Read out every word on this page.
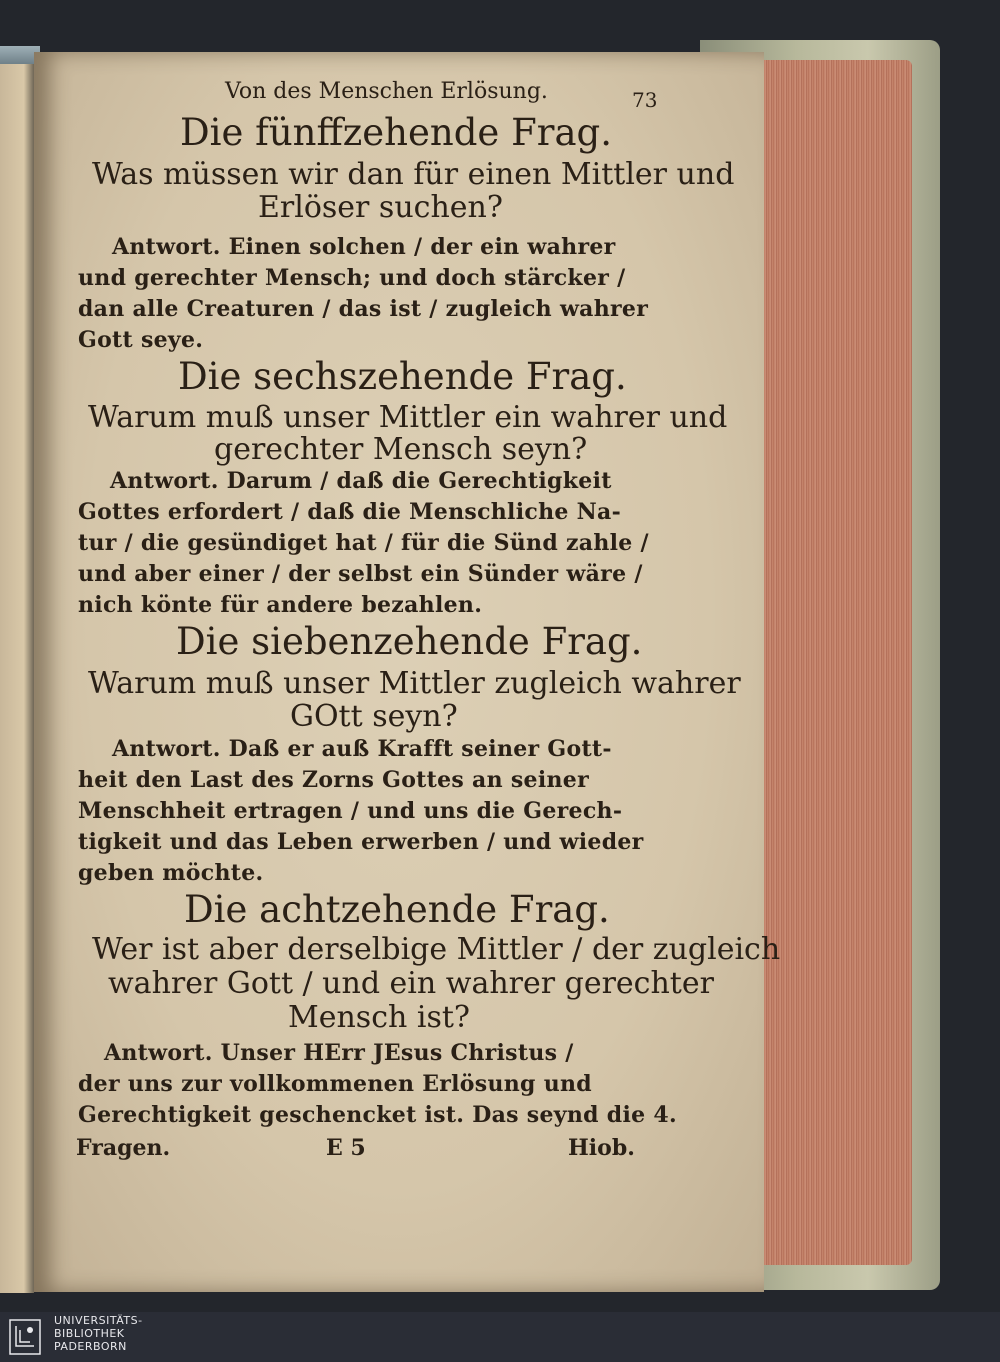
Von des Menschen Erlösung.	73
Die fünffzehende Frag.
Was müssen wir dan für einen Mittler und
Erlöser suchen?
Antwort. Einen solchen / der ein wahrer
und gerechter Mensch; und doch stärcker /
dan alle Creaturen / das ist / zugleich wahrer
Gott seye.
Die sechszehende Frag.
Warum muß unser Mittler ein wahrer und
gerechter Mensch seyn?
Antwort. Darum / daß die Gerechtigkeit
Gottes erfordert / daß die Menschliche Na-
tur / die gesündiget hat / für die Sünd zahle /
und aber einer / der selbst ein Sünder wäre /
nich könte für andere bezahlen.
Die siebenzehende Frag.
Warum muß unser Mittler zugleich wahrer
GOtt seyn?
Antwort. Daß er auß Krafft seiner Gott-
heit den Last des Zorns Gottes an seiner
Menschheit ertragen / und uns die Gerech-
tigkeit und das Leben erwerben / und wieder
geben möchte.
Die achtzehende Frag.
Wer ist aber derselbige Mittler / der zugleich
wahrer Gott / und ein wahrer gerechter
Mensch ist?
Antwort. Unser HErr JEsus Christus /
der uns zur vollkommenen Erlösung und
Gerechtigkeit geschencket ist. Das seynd die 4.
Fragen.	E 5	Hiob.
UNIVERSITÄTS-
BIBLIOTHEK
PADERBORN
